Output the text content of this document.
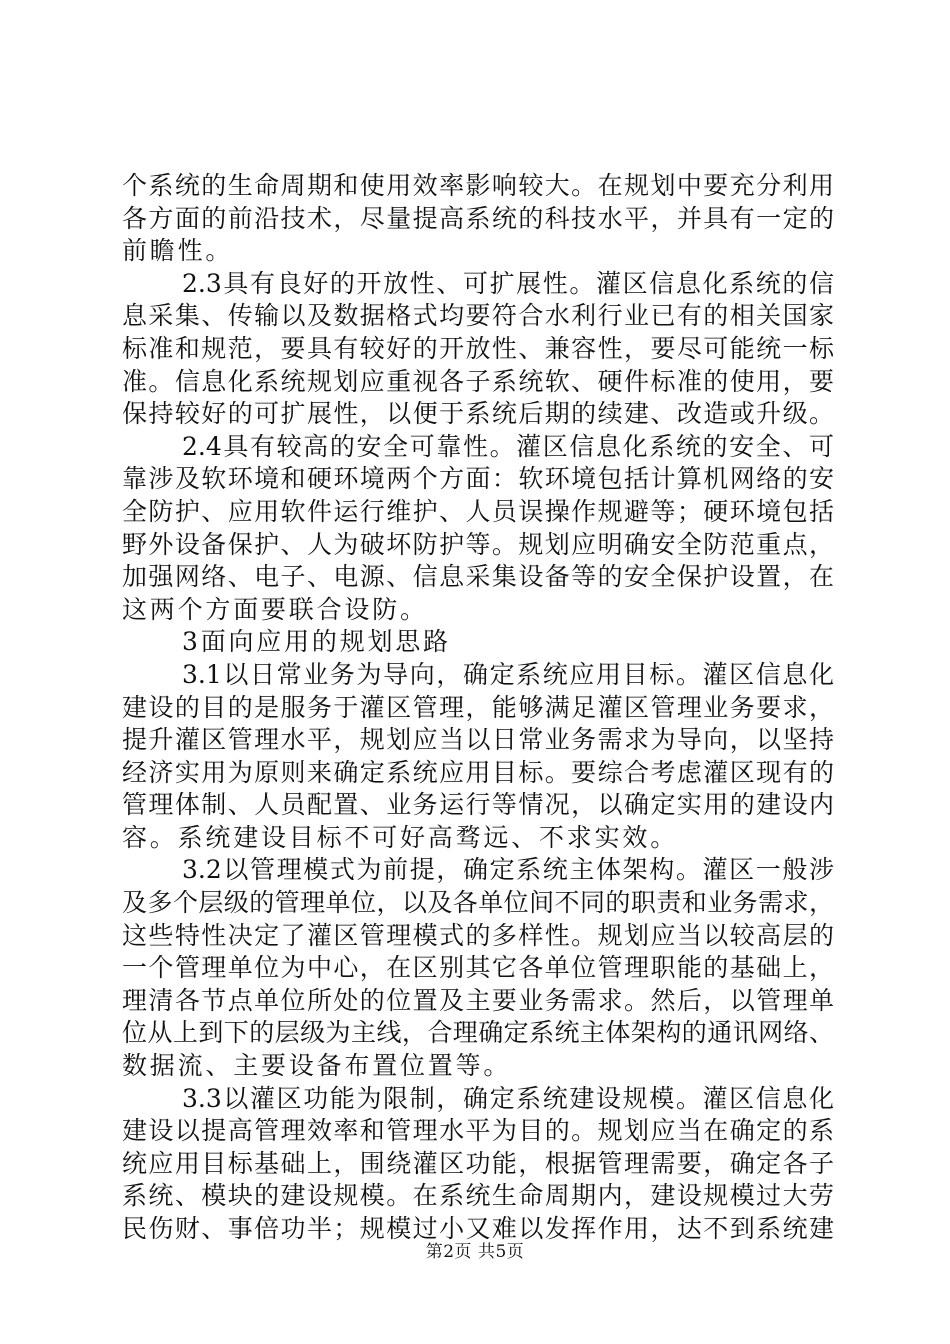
个系统的生命周期和使用效率影响较大。在规划中要充分利用
各方面的前沿技术，尽量提高系统的科技水平，并具有一定的
前瞻性。
2.3具有良好的开放性、可扩展性。灌区信息化系统的信
息采集、传输以及数据格式均要符合水利行业已有的相关国家
标准和规范，要具有较好的开放性、兼容性，要尽可能统一标
准。信息化系统规划应重视各子系统软、硬件标准的使用，要
保持较好的可扩展性，以便于系统后期的续建、改造或升级。
2.4具有较高的安全可靠性。灌区信息化系统的安全、可
靠涉及软环境和硬环境两个方面：软环境包括计算机网络的安
全防护、应用软件运行维护、人员误操作规避等；硬环境包括
野外设备保护、人为破坏防护等。规划应明确安全防范重点，
加强网络、电子、电源、信息采集设备等的安全保护设置，在
这两个方面要联合设防。
3面向应用的规划思路
3.1以日常业务为导向，确定系统应用目标。灌区信息化
建设的目的是服务于灌区管理，能够满足灌区管理业务要求，
提升灌区管理水平，规划应当以日常业务需求为导向，以坚持
经济实用为原则来确定系统应用目标。要综合考虑灌区现有的
管理体制、人员配置、业务运行等情况，以确定实用的建设内
容。系统建设目标不可好高骛远、不求实效。
3.2以管理模式为前提，确定系统主体架构。灌区一般涉
及多个层级的管理单位，以及各单位间不同的职责和业务需求，
这些特性决定了灌区管理模式的多样性。规划应当以较高层的
一个管理单位为中心，在区别其它各单位管理职能的基础上，
理清各节点单位所处的位置及主要业务需求。然后，以管理单
位从上到下的层级为主线，合理确定系统主体架构的通讯网络、
数据流、主要设备布置位置等。
3.3以灌区功能为限制，确定系统建设规模。灌区信息化
建设以提高管理效率和管理水平为目的。规划应当在确定的系
统应用目标基础上，围绕灌区功能，根据管理需要，确定各子
系统、模块的建设规模。在系统生命周期内，建设规模过大劳
民伤财、事倍功半；规模过小又难以发挥作用，达不到系统建
第2页 共5页
